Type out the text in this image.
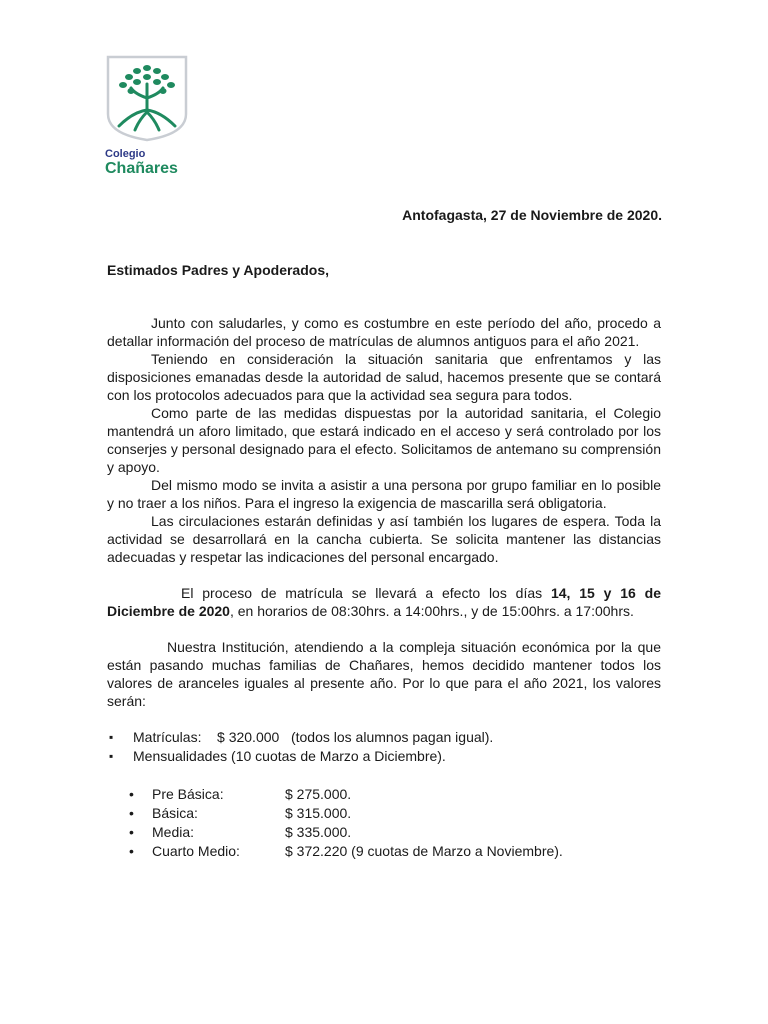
Colegio
Chañares
Antofagasta, 27 de Noviembre de 2020.
Estimados Padres y Apoderados,

Junto con saludarles, y como es costumbre en este período del año, procedo a detallar información del proceso de matrículas de alumnos antiguos para el año 2021.

Teniendo en consideración la situación sanitaria que enfrentamos y las disposiciones emanadas desde la autoridad de salud, hacemos presente que se contará con los protocolos adecuados para que la actividad sea segura para todos.

Como parte de las medidas dispuestas por la autoridad sanitaria, el Colegio mantendrá un aforo limitado, que estará indicado en el acceso y será controlado por los conserjes y personal designado para el efecto. Solicitamos de antemano su comprensión y apoyo.

Del mismo modo se invita a asistir a una persona por grupo familiar en lo posible y no traer a los niños. Para el ingreso la exigencia de mascarilla será obligatoria.

Las circulaciones estarán definidas y así también los lugares de espera. Toda la actividad se desarrollará en la cancha cubierta. Se solicita mantener las distancias adecuadas y respetar las indicaciones del personal encargado.

El proceso de matrícula se llevará a efecto los días 14, 15 y 16 de Diciembre de 2020, en horarios de 08:30hrs. a 14:00hrs., y de 15:00hrs. a 17:00hrs.

Nuestra Institución, atendiendo a la compleja situación económica por la que están pasando muchas familias de Chañares, hemos decidido mantener todos los valores de aranceles iguales al presente año. Por lo que para el año 2021, los valores serán:

▪ Matrículas:    $ 320.000   (todos los alumnos pagan igual).
▪ Mensualidades (10 cuotas de Marzo a Diciembre).
• Pre Básica:	$ 275.000.
• Básica:	$ 315.000.
• Media:	$ 335.000.
• Cuarto Medio:	$ 372.220 (9 cuotas de Marzo a Noviembre).
